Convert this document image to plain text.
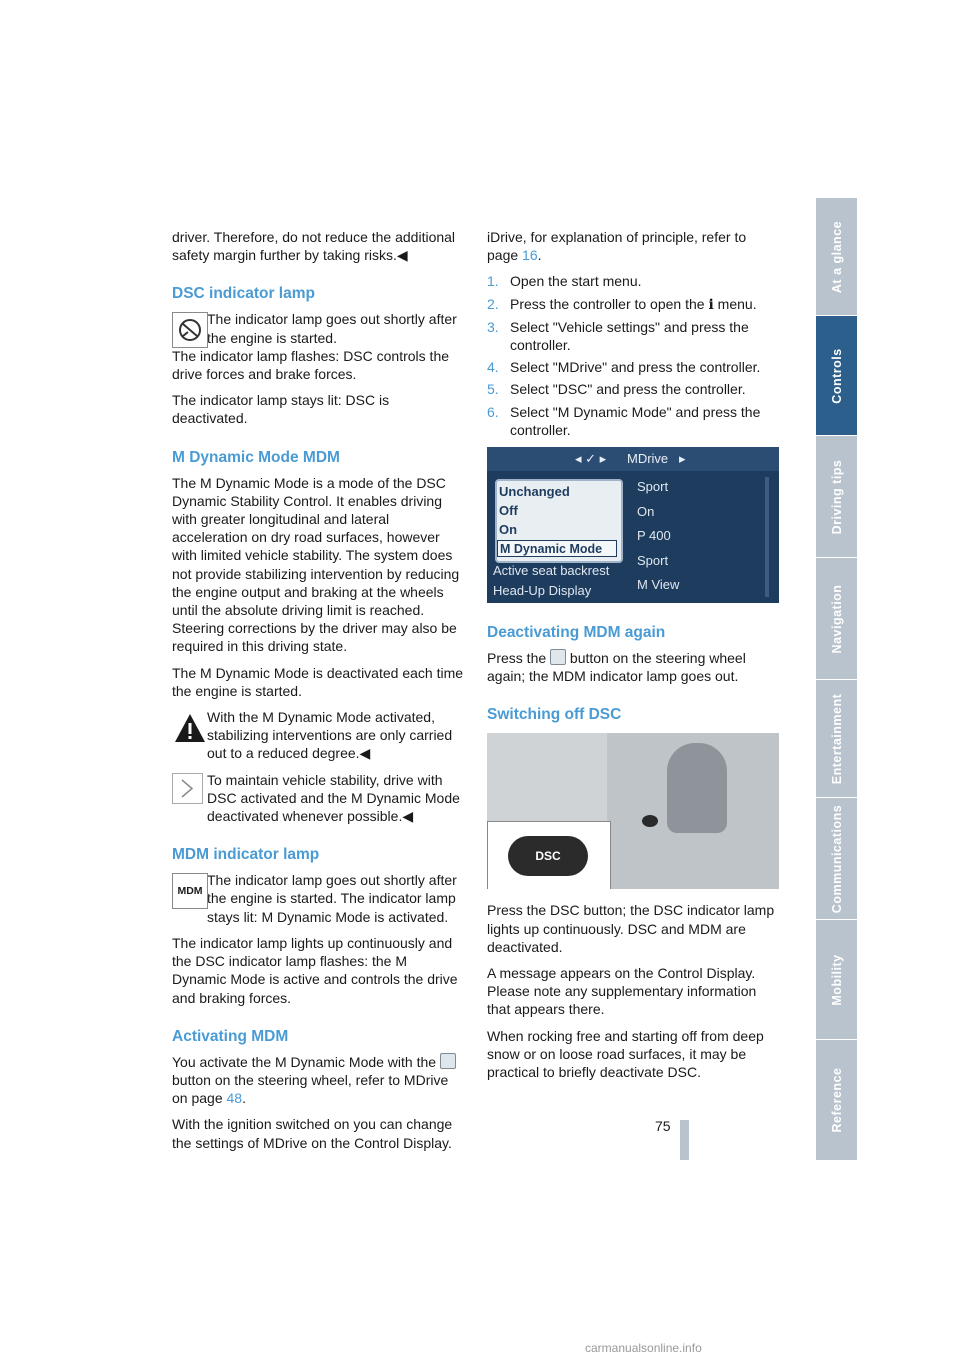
driver. Therefore, do not reduce the additional safety margin further by taking risks.◀

DSC indicator lamp

The indicator lamp goes out shortly after the engine is started.

The indicator lamp flashes: DSC controls the drive forces and brake forces.

The indicator lamp stays lit: DSC is deactivated.

M Dynamic Mode MDM

The M Dynamic Mode is a mode of the DSC Dynamic Stability Control. It enables driving with greater longitudinal and lateral acceleration on dry road surfaces, however with limited vehicle stability. The system does not provide stabilizing intervention by reducing the engine output and braking at the wheels until the absolute driving limit is reached. Steering corrections by the driver may also be required in this driving state.

The M Dynamic Mode is deactivated each time the engine is started.

With the M Dynamic Mode activated, stabilizing interventions are only carried out to a reduced degree.◀

To maintain vehicle stability, drive with DSC activated and the M Dynamic Mode deactivated whenever possible.◀

MDM indicator lamp
MDM

The indicator lamp goes out shortly after the engine is started. The indicator lamp stays lit: M Dynamic Mode is activated.

The indicator lamp lights up continuously and the DSC indicator lamp flashes: the M Dynamic Mode is active and controls the drive and braking forces.

Activating MDM

You activate the M Dynamic Mode with the  button on the steering wheel, refer to MDrive on page 48.

With the ignition switched on you can change the settings of MDrive on the Control Display.

iDrive, for explanation of principle, refer to page 16.

1. Open the start menu.
2. Press the controller to open the i menu.
3. Select "Vehicle settings" and press the controller.
4. Select "MDrive" and press the controller.
5. Select "DSC" and press the controller.
6. Select "M Dynamic Mode" and press the controller.
◂ ✓ ▸ MDrive ▸
Unchanged
Off
On
M Dynamic Mode
Active seat backrest
Head-Up Display
Sport
On
P 400
Sport
M View
Deactivating MDM again

Press the button on the steering wheel again; the MDM indicator lamp goes out.

Switching off DSC
DSC

Press the DSC button; the DSC indicator lamp lights up continuously. DSC and MDM are deactivated.

A message appears on the Control Display. Please note any supplementary information that appears there.

When rocking free and starting off from deep snow or on loose road surfaces, it may be practical to briefly deactivate DSC.

At a glance
Controls
Driving tips
Navigation
Entertainment
Communications
Mobility
Reference
75
carmanualsonline.info
